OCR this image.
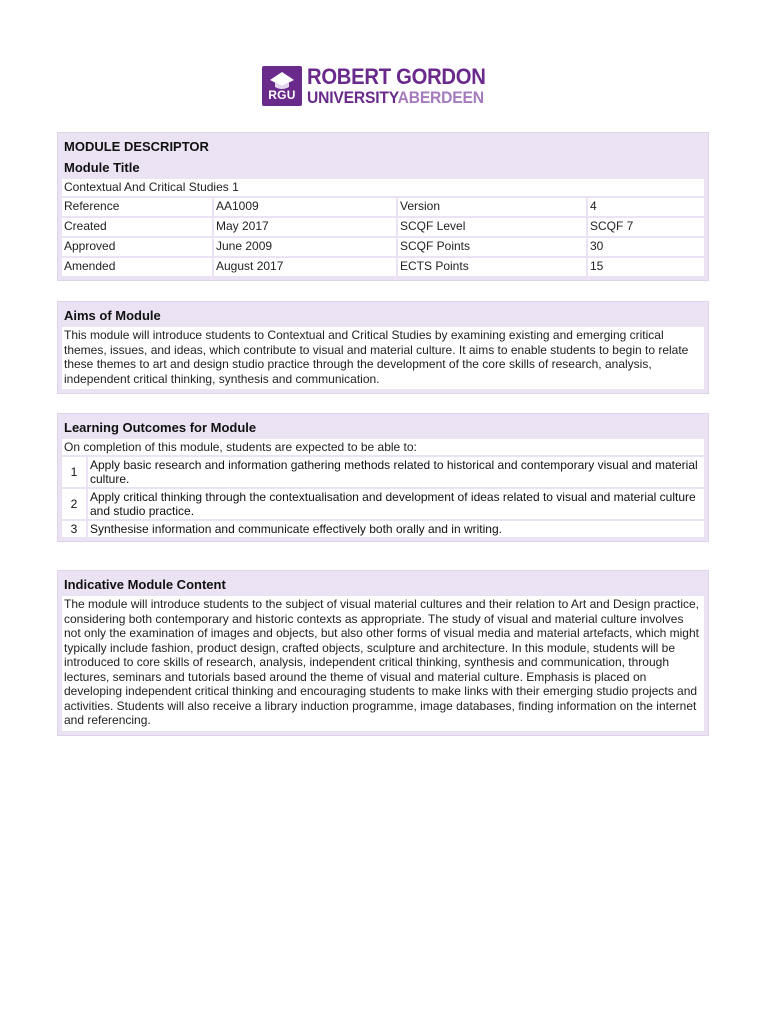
RGU
ROBERT GORDON
UNIVERSITYABERDEEN
MODULE DESCRIPTOR
Module Title
Contextual And Critical Studies 1
Reference	AA1009	Version	4
Created	May 2017	SCQF Level	SCQF 7
Approved	June 2009	SCQF Points	30
Amended	August 2017	ECTS Points	15
Aims of Module
This module will introduce students to Contextual and Critical Studies by examining existing and emerging critical themes, issues, and ideas, which contribute to visual and material culture. It aims to enable students to begin to relate these themes to art and design studio practice through the development of the core skills of research, analysis, independent critical thinking, synthesis and communication.
Learning Outcomes for Module
On completion of this module, students are expected to be able to:
1	Apply basic research and information gathering methods related to historical and contemporary visual and material culture.
2	Apply critical thinking through the contextualisation and development of ideas related to visual and material culture and studio practice.
3	Synthesise information and communicate effectively both orally and in writing.
Indicative Module Content
The module will introduce students to the subject of visual material cultures and their relation to Art and Design practice, considering both contemporary and historic contexts as appropriate. The study of visual and material culture involves not only the examination of images and objects, but also other forms of visual media and material artefacts, which might typically include fashion, product design, crafted objects, sculpture and architecture. In this module, students will be introduced to core skills of research, analysis, independent critical thinking, synthesis and communication, through lectures, seminars and tutorials based around the theme of visual and material culture. Emphasis is placed on developing independent critical thinking and encouraging students to make links with their emerging studio projects and activities. Students will also receive a library induction programme, image databases, finding information on the internet and referencing.
